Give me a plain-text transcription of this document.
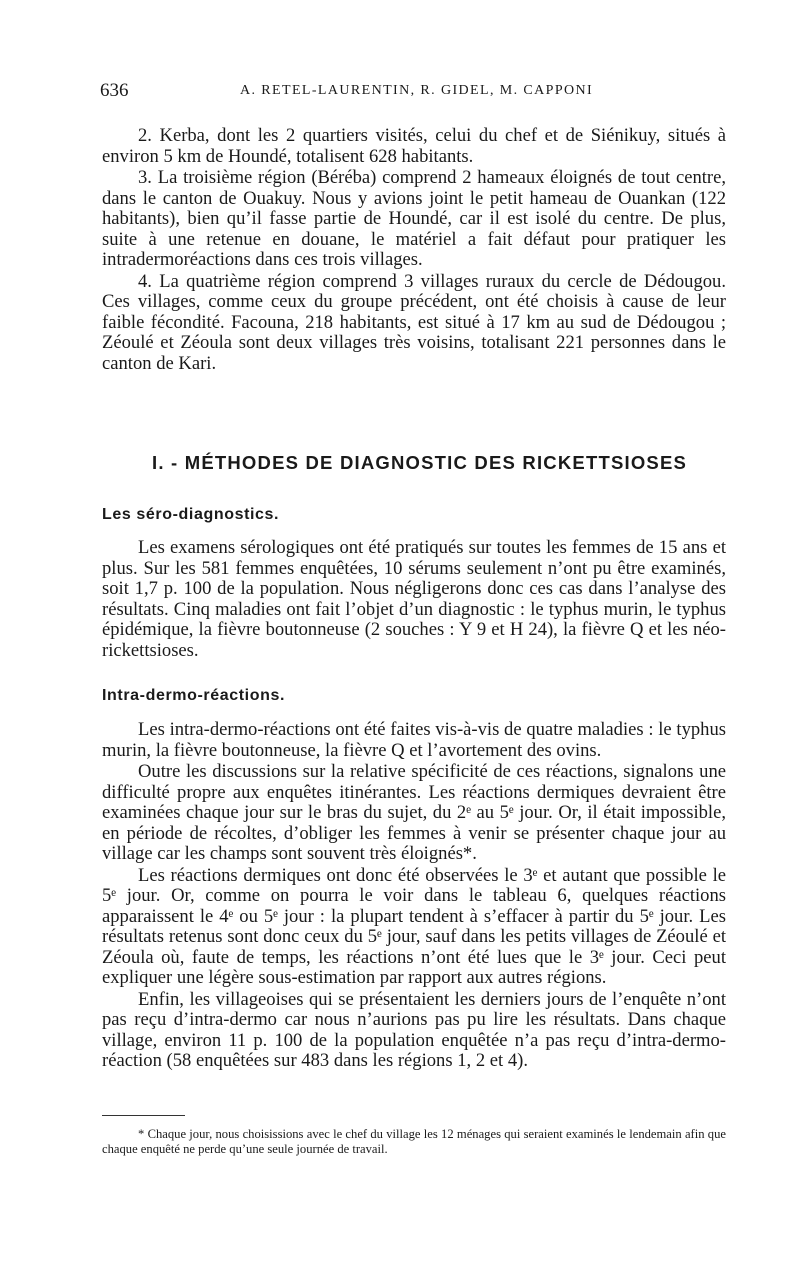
636	A. RETEL-LAURENTIN, R. GIDEL, M. CAPPONI

2. Kerba, dont les 2 quartiers visités, celui du chef et de Siénikuy, situés à environ 5 km de Houndé, totalisent 628 habitants.

3. La troisième région (Béréba) comprend 2 hameaux éloignés de tout centre, dans le canton de Ouakuy. Nous y avions joint le petit hameau de Ouankan (122 habitants), bien qu’il fasse partie de Houndé, car il est isolé du centre. De plus, suite à une retenue en douane, le matériel a fait défaut pour pratiquer les intradermoréactions dans ces trois villages.

4. La quatrième région comprend 3 villages ruraux du cercle de Dédougou. Ces villages, comme ceux du groupe précédent, ont été choisis à cause de leur faible fécondité. Facouna, 218 habitants, est situé à 17 km au sud de Dédougou ; Zéoulé et Zéoula sont deux villages très voisins, totalisant 221 personnes dans le canton de Kari.

I. - MÉTHODES DE DIAGNOSTIC DES RICKETTSIOSES
Les séro-diagnostics.

Les examens sérologiques ont été pratiqués sur toutes les femmes de 15 ans et plus. Sur les 581 femmes enquêtées, 10 sérums seulement n’ont pu être examinés, soit 1,7 p. 100 de la population. Nous négligerons donc ces cas dans l’analyse des résultats. Cinq maladies ont fait l’objet d’un diagnostic : le typhus murin, le typhus épidémique, la fièvre boutonneuse (2 souches : Y 9 et H 24), la fièvre Q et les néo-rickettsioses.

Intra-dermo-réactions.

Les intra-dermo-réactions ont été faites vis-à-vis de quatre maladies : le typhus murin, la fièvre boutonneuse, la fièvre Q et l’avortement des ovins.

Outre les discussions sur la relative spécificité de ces réactions, signalons une difficulté propre aux enquêtes itinérantes. Les réactions dermiques devraient être examinées chaque jour sur le bras du sujet, du 2ᵉ au 5ᵉ jour. Or, il était impossible, en période de récoltes, d’obliger les femmes à venir se présenter chaque jour au village car les champs sont souvent très éloignés*.

Les réactions dermiques ont donc été observées le 3ᵉ et autant que possible le 5ᵉ jour. Or, comme on pourra le voir dans le tableau 6, quelques réactions apparaissent le 4ᵉ ou 5ᵉ jour : la plupart tendent à s’effacer à partir du 5ᵉ jour. Les résultats retenus sont donc ceux du 5ᵉ jour, sauf dans les petits villages de Zéoulé et Zéoula où, faute de temps, les réactions n’ont été lues que le 3ᵉ jour. Ceci peut expliquer une légère sous-estimation par rapport aux autres régions.

Enfin, les villageoises qui se présentaient les derniers jours de l’enquête n’ont pas reçu d’intra-dermo car nous n’aurions pas pu lire les résultats. Dans chaque village, environ 11 p. 100 de la population enquêtée n’a pas reçu d’intra-dermo-réaction (58 enquêtées sur 483 dans les régions 1, 2 et 4).

* Chaque jour, nous choisissions avec le chef du village les 12 ménages qui seraient examinés le lendemain afin que chaque enquêté ne perde qu’une seule journée de travail.
